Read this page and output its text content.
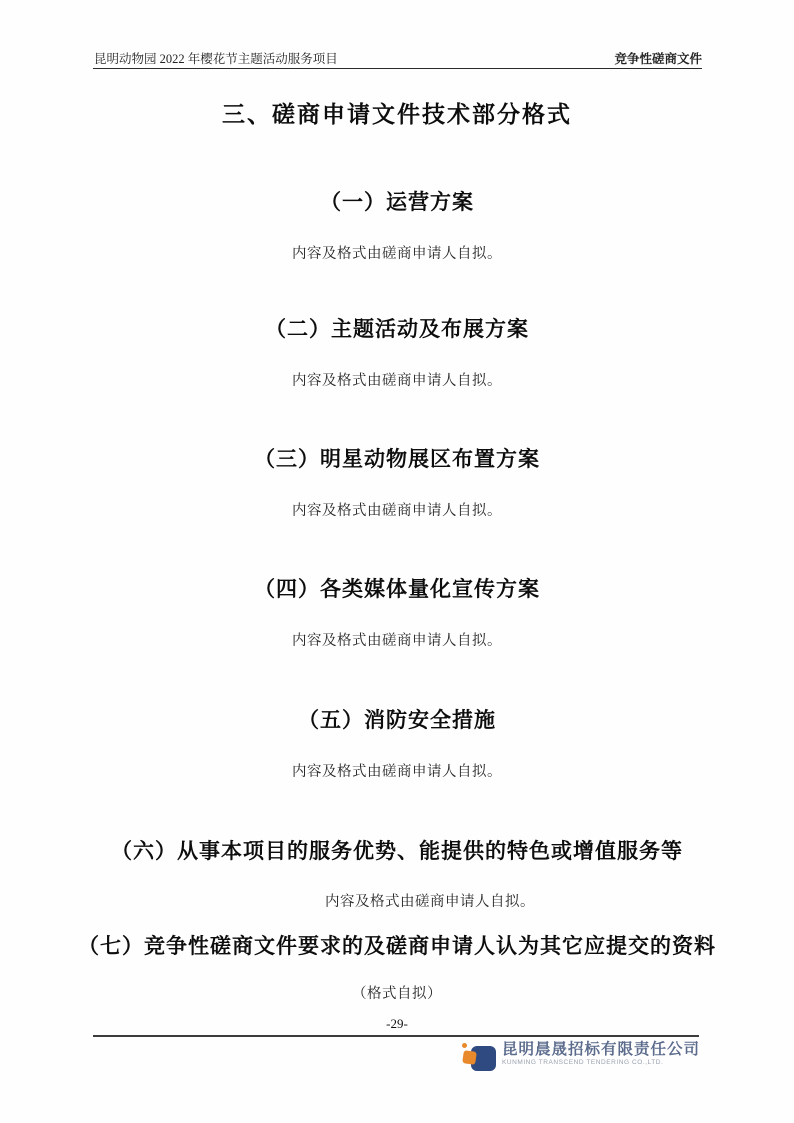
昆明动物园 2022 年樱花节主题活动服务项目	竞争性磋商文件
三、磋商申请文件技术部分格式
（一）运营方案
内容及格式由磋商申请人自拟。
（二）主题活动及布展方案
内容及格式由磋商申请人自拟。
（三）明星动物展区布置方案
内容及格式由磋商申请人自拟。
（四）各类媒体量化宣传方案
内容及格式由磋商申请人自拟。
（五）消防安全措施
内容及格式由磋商申请人自拟。
（六）从事本项目的服务优势、能提供的特色或增值服务等
内容及格式由磋商申请人自拟。
（七）竞争性磋商文件要求的及磋商申请人认为其它应提交的资料
（格式自拟）
-29-
昆明晨晟招标有限责任公司
KUNMING TRANSCEND TENDERING CO.,LTD.
